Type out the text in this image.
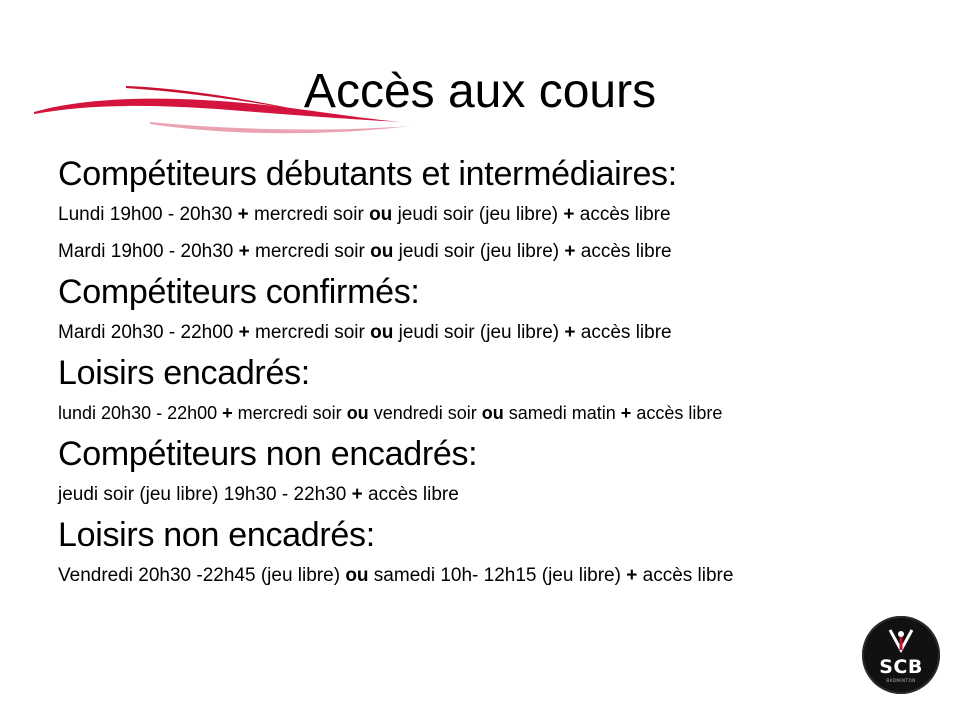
Accès aux cours
Compétiteurs débutants et intermédiaires:

Lundi 19h00 - 20h30 + mercredi soir ou jeudi soir (jeu libre) + accès libre

Mardi 19h00 - 20h30 + mercredi soir ou jeudi soir (jeu libre) + accès libre

Compétiteurs confirmés:

Mardi 20h30 - 22h00 + mercredi soir ou jeudi soir (jeu libre) + accès libre

Loisirs encadrés:

lundi 20h30 - 22h00 + mercredi soir ou vendredi soir ou samedi matin + accès libre

Compétiteurs non encadrés:

jeudi soir (jeu libre) 19h30 - 22h30 + accès libre

Loisirs non encadrés:

Vendredi 20h30 -22h45 (jeu libre) ou samedi 10h- 12h15 (jeu libre) + accès libre

SCB
BADMINTON
